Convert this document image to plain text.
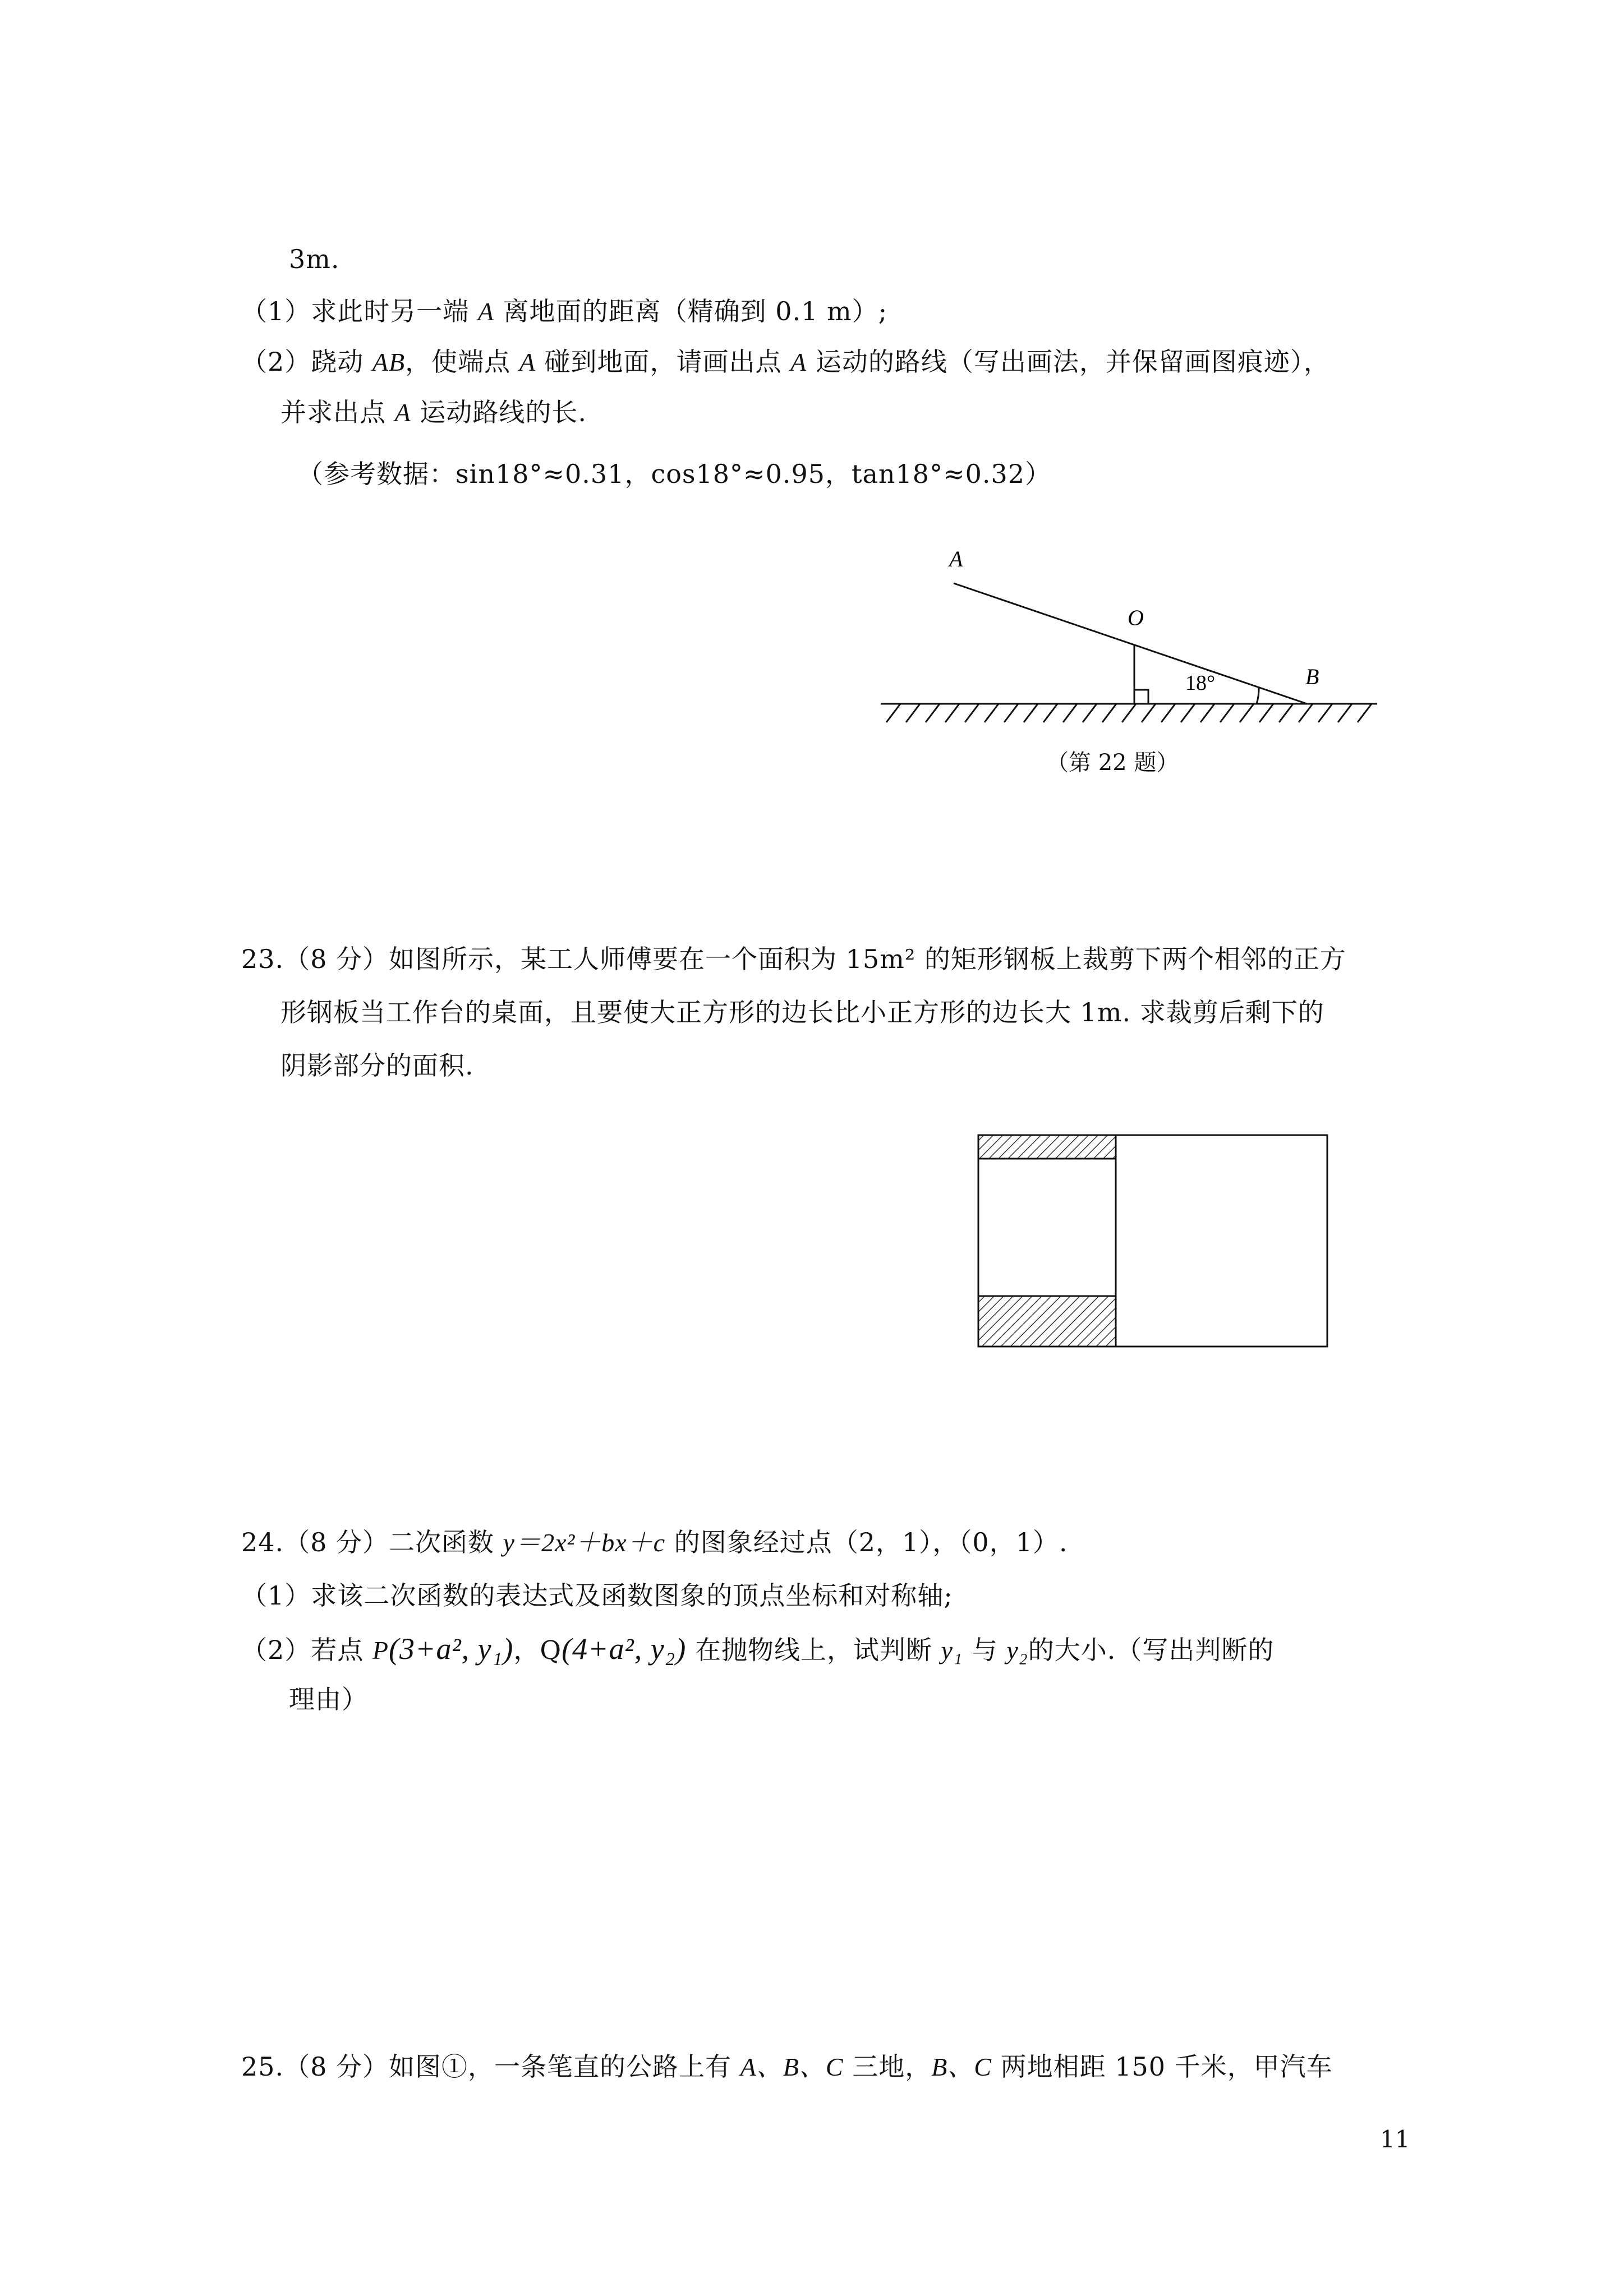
3m.
（1）求此时另一端 A 离地面的距离（精确到 0.1 m）;
（2）跷动 AB，使端点 A 碰到地面，请画出点 A 运动的路线（写出画法，并保留画图痕迹），
并求出点 A 运动路线的长.
（参考数据：sin18°≈0.31，cos18°≈0.95，tan18°≈0.32）
A
O
B
18°
（第 22 题）
23.（8 分）如图所示，某工人师傅要在一个面积为 15m² 的矩形钢板上裁剪下两个相邻的正方
形钢板当工作台的桌面，且要使大正方形的边长比小正方形的边长大 1m. 求裁剪后剩下的
阴影部分的面积.
24.（8 分）二次函数 y＝2x²＋bx＋c 的图象经过点（2，1），（0，1）.
（1）求该二次函数的表达式及函数图象的顶点坐标和对称轴;
（2）若点 P(3+a², y₁)，Q(4+a², y₂) 在抛物线上，试判断 y₁ 与 y₂的大小.（写出判断的
理由）
25.（8 分）如图①，一条笔直的公路上有 A、B、C 三地，B、C 两地相距 150 千米，甲汽车
11
